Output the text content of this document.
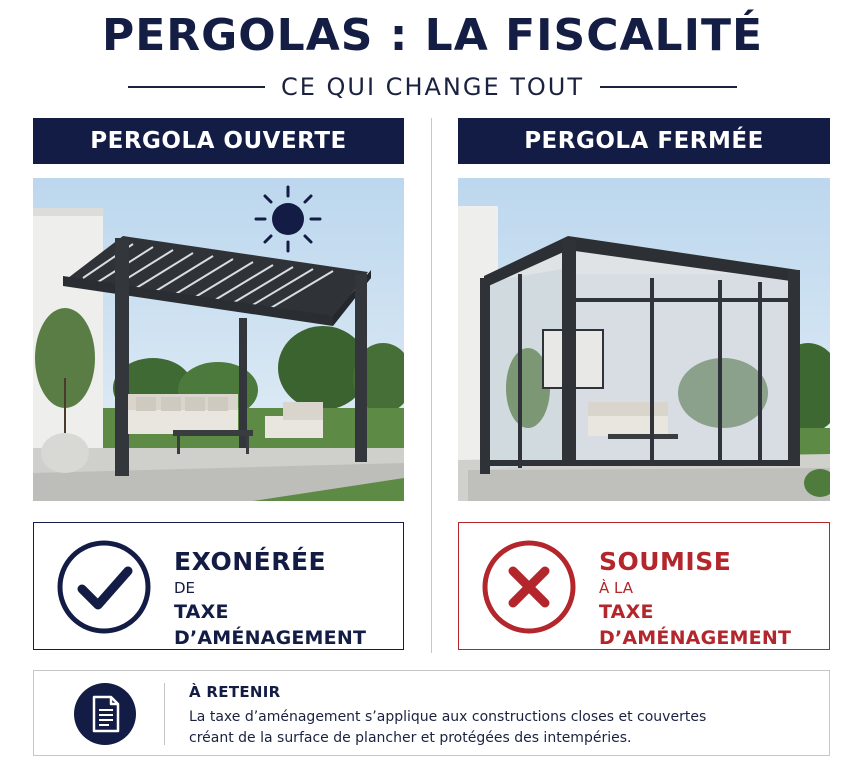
PERGOLAS : LA FISCALITÉ
CE QUI CHANGE TOUT
PERGOLA OUVERTE
EXONÉRÉE
DE
TAXE D’AMÉNAGEMENT
PERGOLA FERMÉE
SOUMISE
À LA
TAXE D’AMÉNAGEMENT
À RETENIR
La taxe d’aménagement s’applique aux constructions closes et couvertes
créant de la surface de plancher et protégées des intempéries.
